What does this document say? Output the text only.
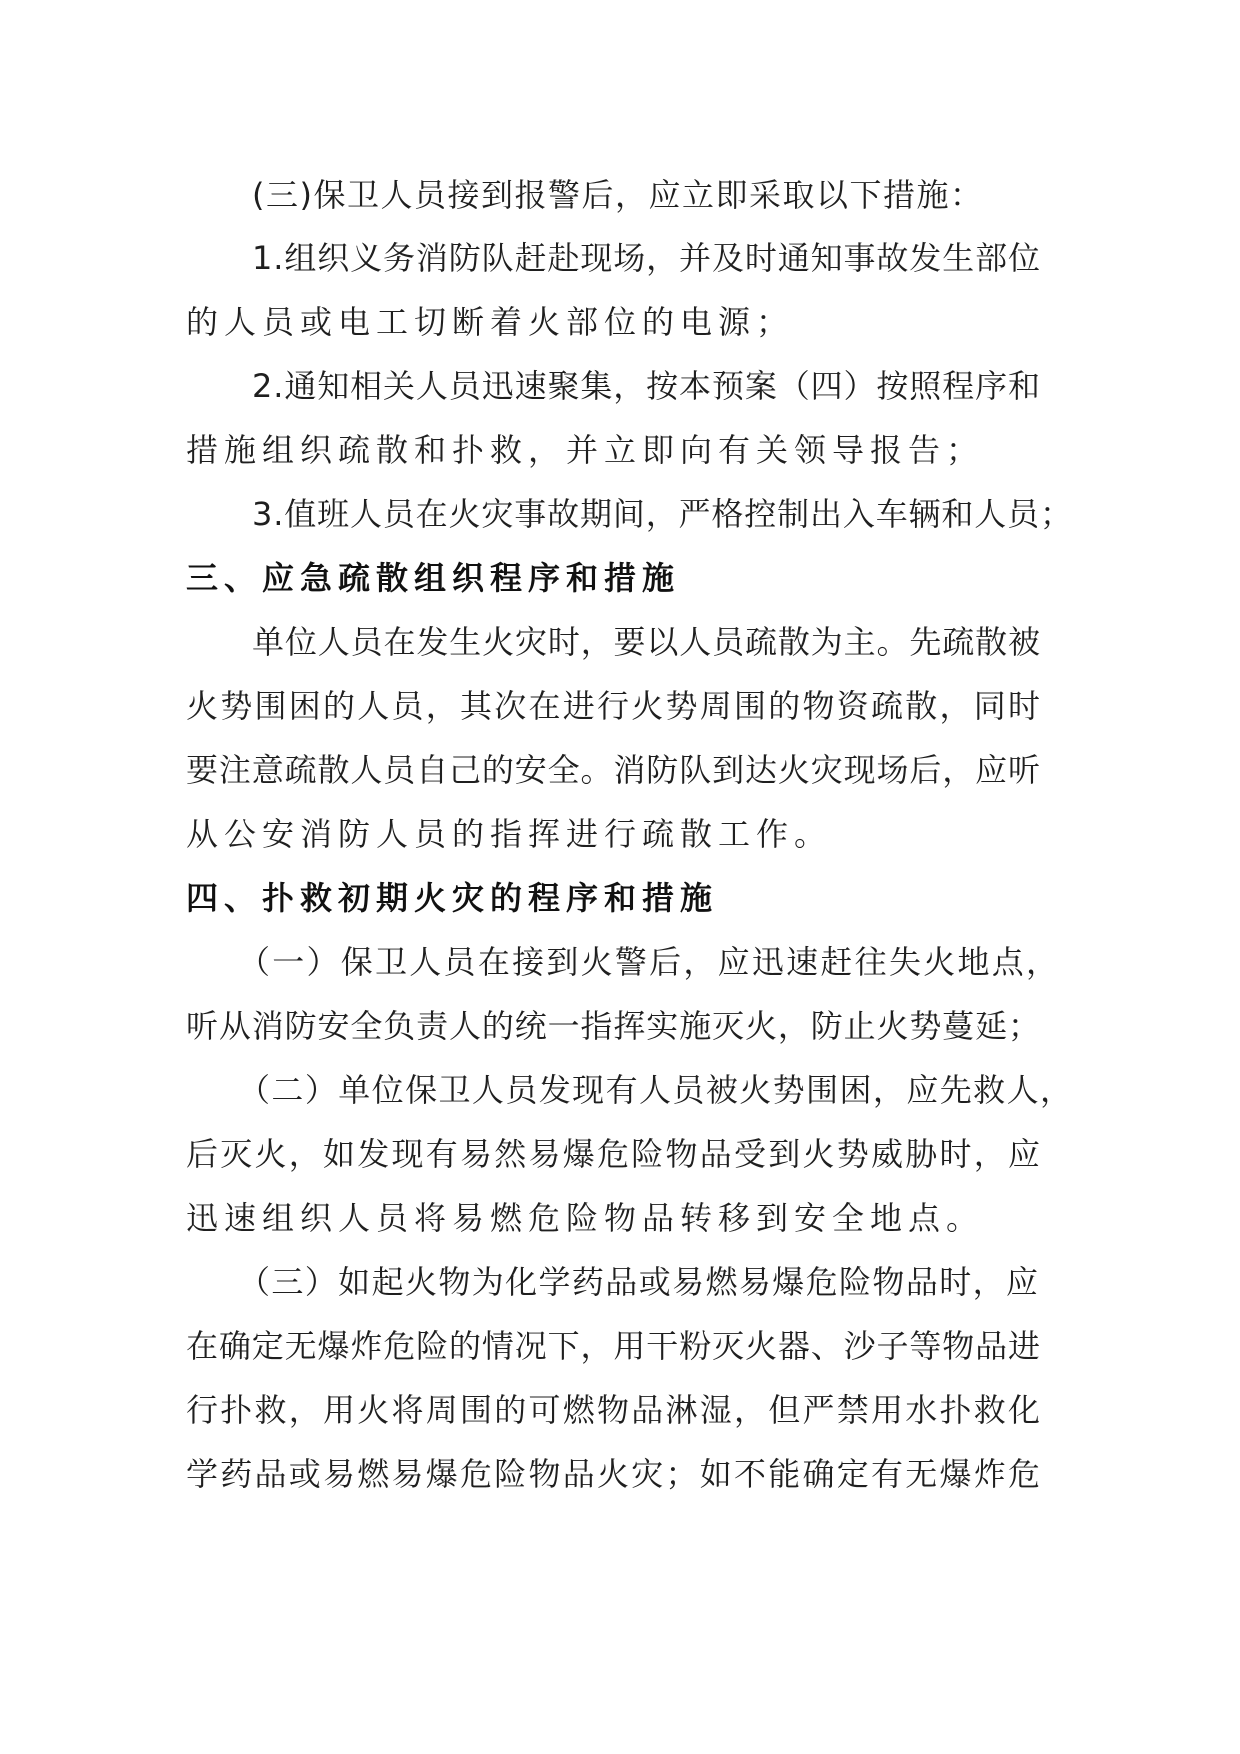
(三)保卫人员接到报警后，应立即采取以下措施：
1.组织义务消防队赶赴现场，并及时通知事故发生部位
的人员或电工切断着火部位的电源；
2.通知相关人员迅速聚集，按本预案（四）按照程序和
措施组织疏散和扑救，并立即向有关领导报告；
3.值班人员在火灾事故期间，严格控制出入车辆和人员；
三、应急疏散组织程序和措施
单位人员在发生火灾时，要以人员疏散为主。先疏散被
火势围困的人员，其次在进行火势周围的物资疏散，同时
要注意疏散人员自己的安全。消防队到达火灾现场后，应听
从公安消防人员的指挥进行疏散工作。
四、扑救初期火灾的程序和措施
（一）保卫人员在接到火警后，应迅速赶往失火地点，
听从消防安全负责人的统一指挥实施灭火，防止火势蔓延；
（二）单位保卫人员发现有人员被火势围困，应先救人，
后灭火，如发现有易然易爆危险物品受到火势威胁时，应
迅速组织人员将易燃危险物品转移到安全地点。
（三）如起火物为化学药品或易燃易爆危险物品时，应
在确定无爆炸危险的情况下，用干粉灭火器、沙子等物品进
行扑救，用火将周围的可燃物品淋湿，但严禁用水扑救化
学药品或易燃易爆危险物品火灾；如不能确定有无爆炸危
